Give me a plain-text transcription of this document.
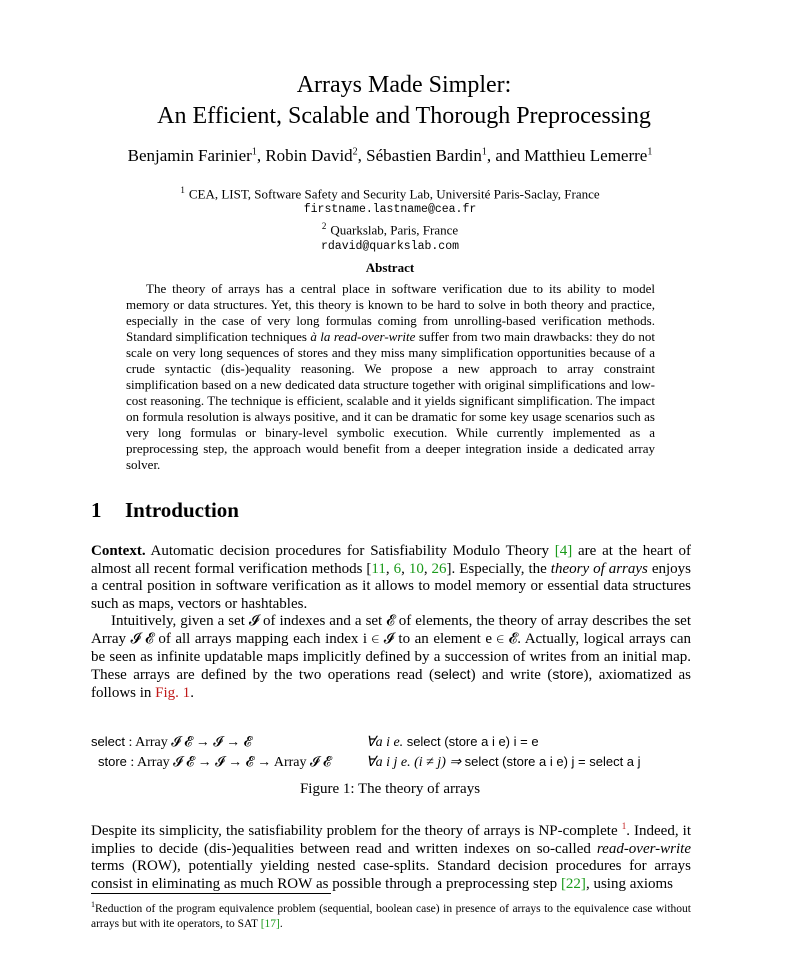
Arrays Made Simpler:
An Efficient, Scalable and Thorough Preprocessing
Benjamin Farinier$^1$, Robin David$^2$, Sébastien Bardin$^1$, and Matthieu Lemerre$^1$
$^1$ CEA, LIST, Software Safety and Security Lab, Université Paris-Saclay, France
firstname.lastname@cea.fr
$^2$ Quarkslab, Paris, France
rdavid@quarkslab.com
Abstract
The theory of arrays has a central place in software verification due to its ability to model memory or data structures. Yet, this theory is known to be hard to solve in both theory and practice, especially in the case of very long formulas coming from unrolling-based verification methods. Standard simplification techniques à la read-over-write suffer from two main drawbacks: they do not scale on very long sequences of stores and they miss many simplification opportunities because of a crude syntactic (dis-)equality reasoning. We propose a new approach to array constraint simplification based on a new dedicated data structure together with original simplifications and low-cost reasoning. The technique is efficient, scalable and it yields significant simplification. The impact on formula resolution is always positive, and it can be dramatic for some key usage scenarios such as very long formulas or binary-level symbolic execution. While currently implemented as a preprocessing step, the approach would benefit from a deeper integration inside a dedicated array solver.
1 Introduction

Context. Automatic decision procedures for Satisfiability Modulo Theory [4] are at the heart of almost all recent formal verification methods [11, 6, 10, 26]. Especially, the theory of arrays enjoys a central position in software verification as it allows to model memory or essential data structures such as maps, vectors or hashtables.

Intuitively, given a set 𝓘 of indexes and a set 𝓔 of elements, the theory of array describes the set Array 𝓘 𝓔 of all arrays mapping each index i ∈ 𝓘 to an element e ∈ 𝓔. Actually, logical arrays can be seen as infinite updatable maps implicitly defined by a succession of writes from an initial map. These arrays are defined by the two operations read (select) and write (store), axiomatized as follows in Fig. 1.

select : Array 𝓘 𝓔 → 𝓘 → 𝓔	∀a i e. select (store a i e) i = e
store : Array 𝓘 𝓔 → 𝓘 → 𝓔 → Array 𝓘 𝓔	∀a i j e. (i ≠ j) ⇒ select (store a i e) j = select a j
Figure 1: The theory of arrays

Despite its simplicity, the satisfiability problem for the theory of arrays is NP-complete $^1$. Indeed, it implies to decide (dis-)equalities between read and written indexes on so-called read-over-write terms (ROW), potentially yielding nested case-splits. Standard decision procedures for arrays consist in eliminating as much ROW as possible through a preprocessing step [22], using axioms

$^1$Reduction of the program equivalence problem (sequential, boolean case) in presence of arrays to the equivalence case without arrays but with ite operators, to SAT [17].
